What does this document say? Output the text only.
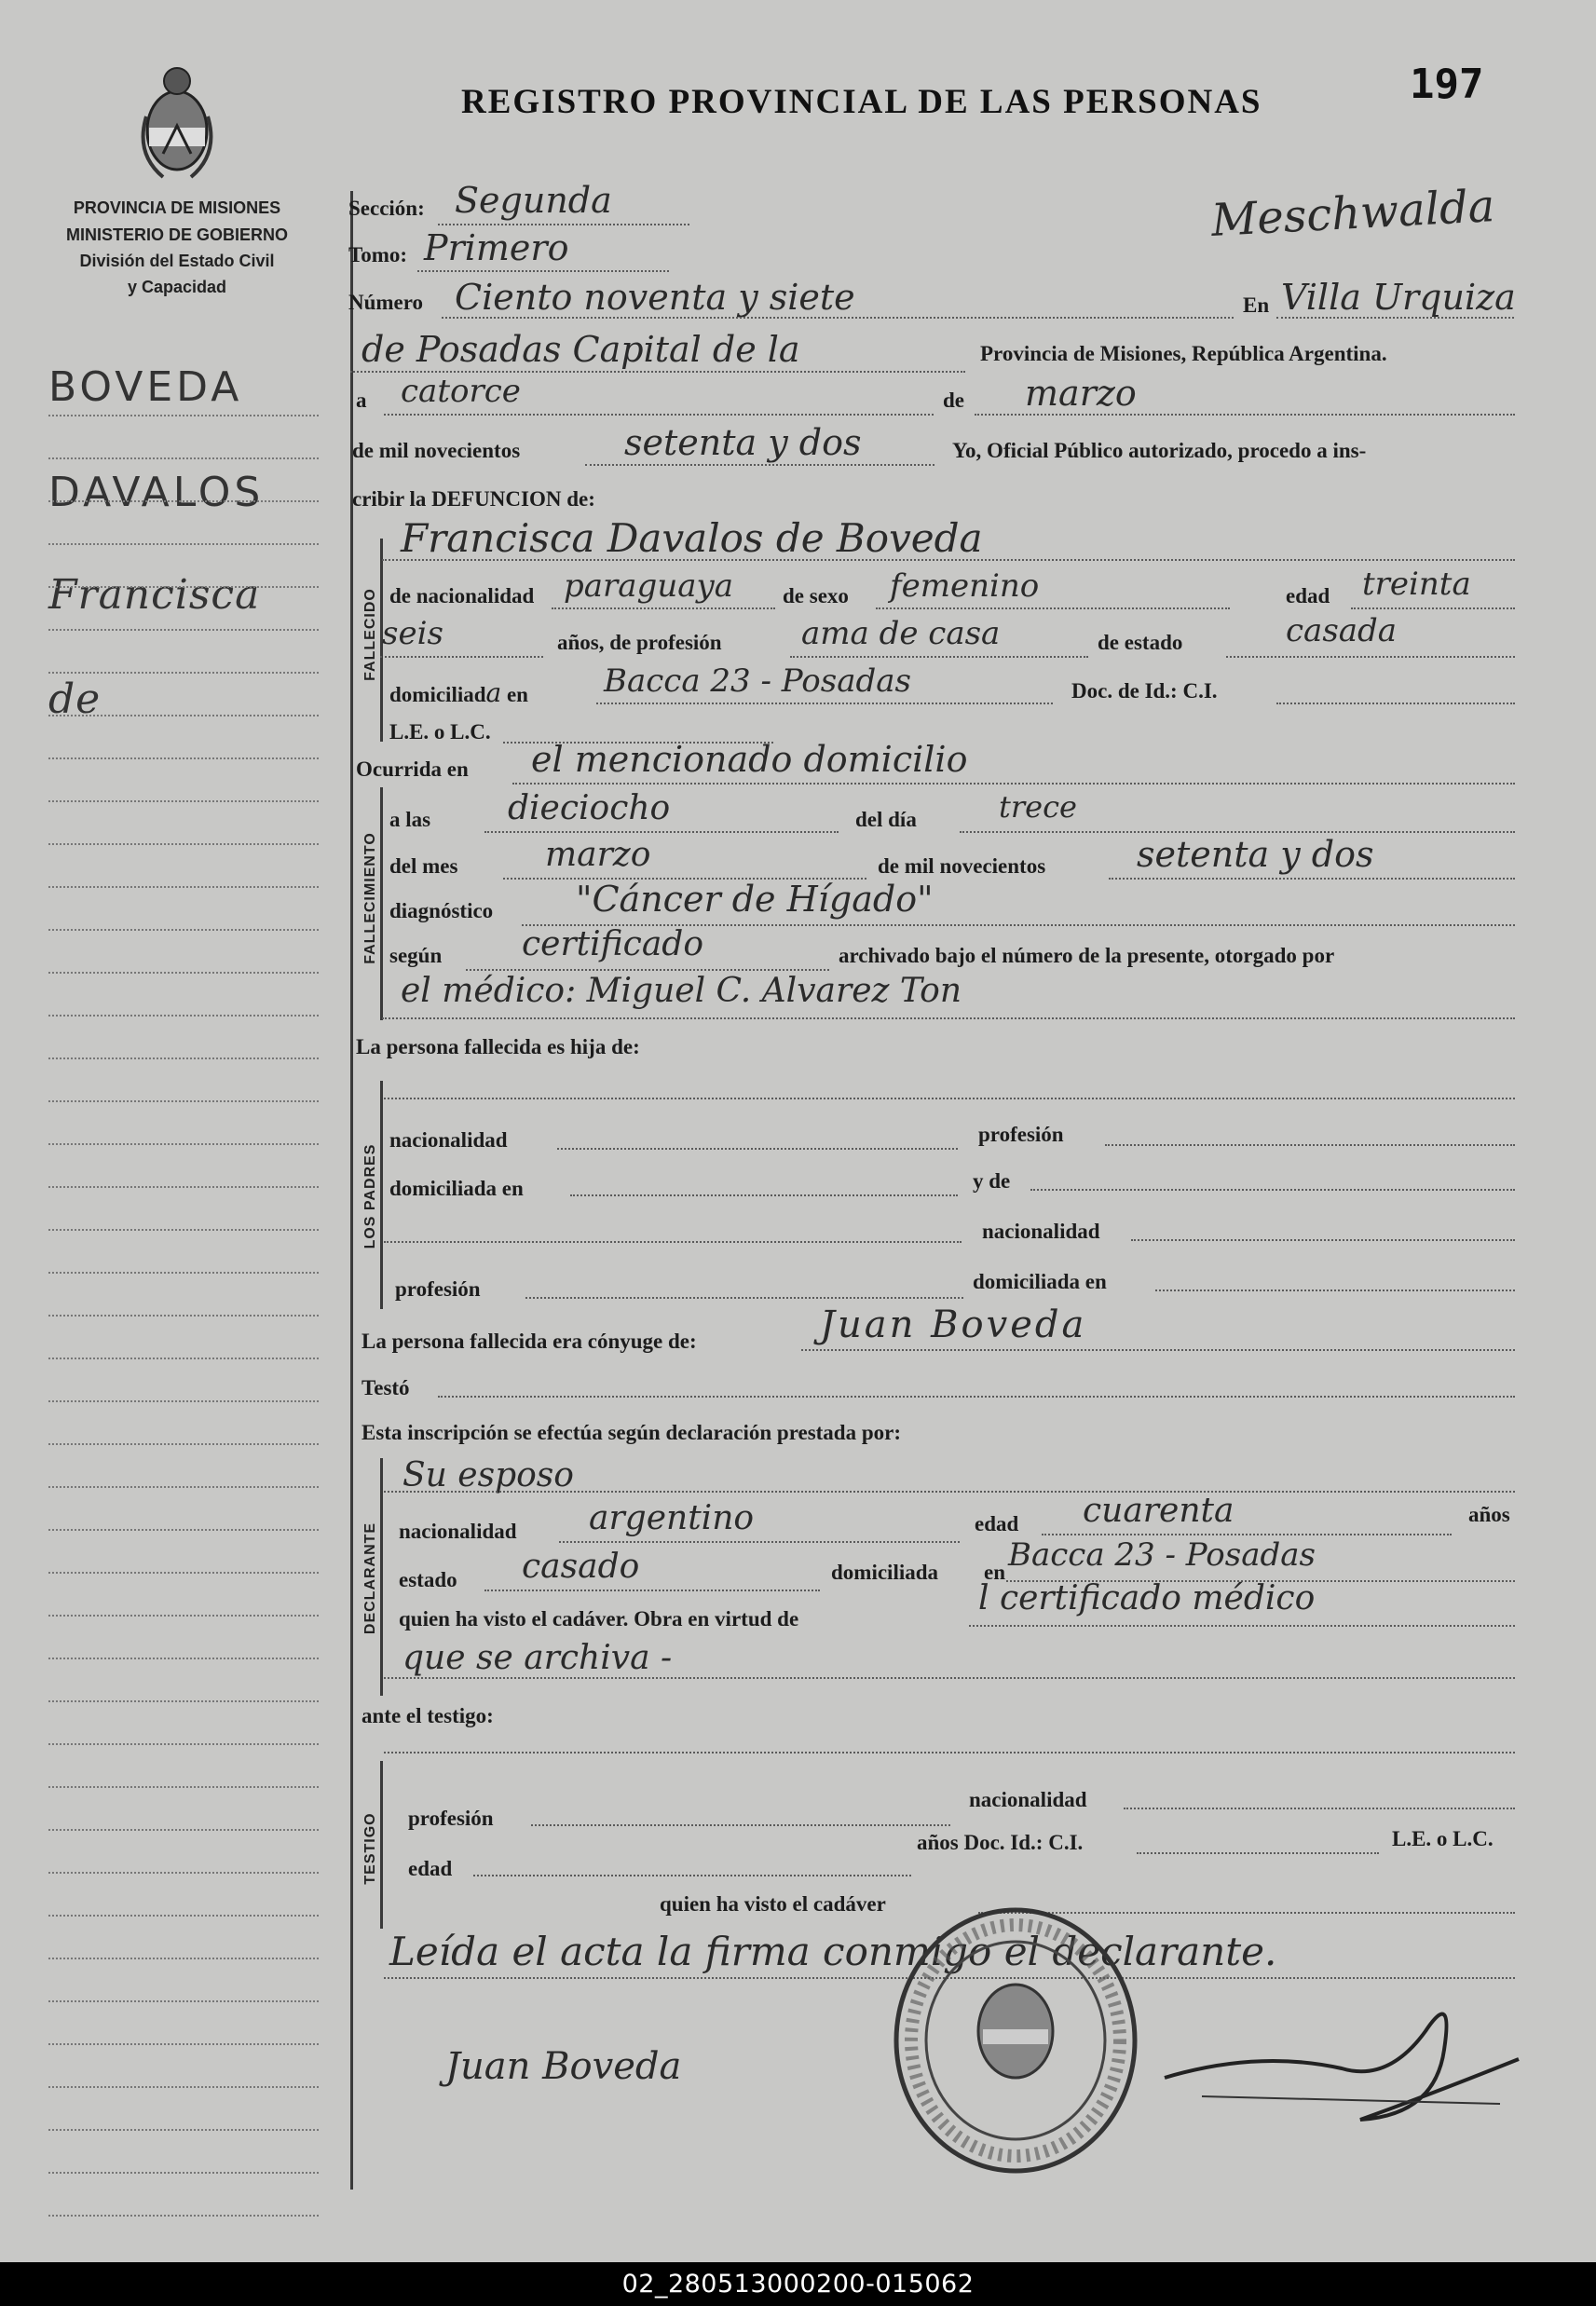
PROVINCIA DE MISIONES
MINISTERIO DE GOBIERNO
División del Estado Civil
y Capacidad
REGISTRO PROVINCIAL DE LAS PERSONAS	197
Meschwalda
BOVEDA
DAVALOS
Francisca
de
FALLECIDO
FALLECIMIENTO
LOS PADRES
DECLARANTE
TESTIGO
Sección: Segunda
Tomo: Primero
Número Ciento noventa y siete	En Villa Urquiza
de Posadas Capital de la	Provincia de Misiones, República Argentina.
a catorce	de marzo
de mil novecientos	setenta y dos	Yo, Oficial Público autorizado, procedo a ins-
cribir la DEFUNCION de:
Francisca Davalos de Boveda
de nacionalidad paraguaya de sexo femenino	edad treinta
seis	años, de profesión	ama de casa	de estado	casada
domiciliada en Bacca 23 - Posadas	Doc. de Id.: C.I.
L.E. o L.C.
Ocurrida en el mencionado domicilio
a las dieciocho	del día	trece
del mes	marzo	de mil novecientos	setenta y dos
diagnóstico "Cáncer de Hígado"
según certificado	archivado bajo el número de la presente, otorgado por
el médico: Miguel C. Alvarez Ton
La persona fallecida es hija de:
nacionalidad	profesión
domiciliada en	y de
nacionalidad
profesión	domiciliada en
La persona fallecida era cónyuge de:	Juan Boveda
Testó
Esta inscripción se efectúa según declaración prestada por:
Su esposo
nacionalidad argentino	edad cuarenta	años
estado casado	domiciliada en Bacca 23 - Posadas
quien ha visto el cadáver. Obra en virtud de
l certificado médico
que se archiva -
ante el testigo:
profesión
nacionalidad
edad
años Doc. Id.: C.I.	L.E. o L.C.
quien ha visto el cadáver
Leída el acta la firma conmigo el declarante.
Juan Boveda
02_280513000200-015062
